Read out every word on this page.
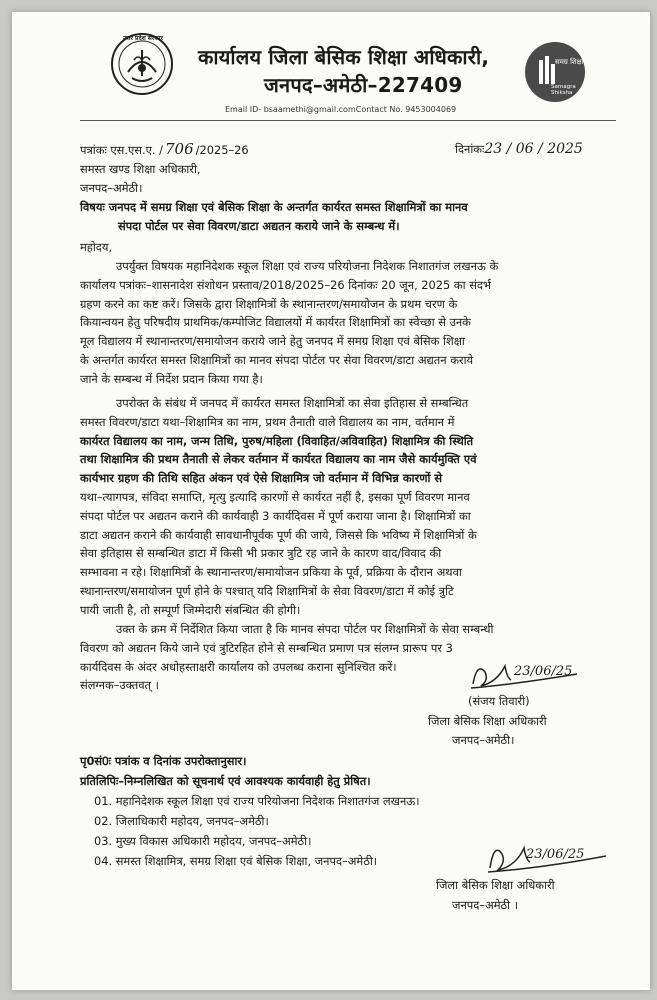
उत्तर प्रदेश सरकार
कार्यालय जिला बेसिक शिक्षा अधिकारी,
जनपद–अमेठी–227409
Email ID- bsaamethi@gmail.comContact No. 9453004069
समग्र शिक्षा
Samagra Shiksha
पत्रांकः एस.एस.ए. / 706 /2025–26	दिनांकः23 / 06 / 2025
समस्त खण्ड शिक्षा अधिकारी,
जनपद–अमेठी।
विषयः जनपद में समग्र शिक्षा एवं बेसिक शिक्षा के अन्तर्गत कार्यरत समस्त शिक्षामित्रों का मानव
संपदा पोर्टल पर सेवा विवरण/डाटा अद्यतन कराये जाने के सम्बन्ध में।
महोदय,
उपर्युक्त विषयक महानिदेशक स्कूल शिक्षा एवं राज्य परियोजना निदेशक निशातगंज लखनऊ के
कार्यालय पत्रांकः–शासनादेश संशोधन प्रस्ताव/2018/2025–26 दिनांकः 20 जून, 2025 का संदर्भ
ग्रहण करने का कष्ट करें। जिसके द्वारा शिक्षामित्रों के स्थानान्तरण/समायोजन के प्रथम चरण के
कियान्वयन हेतु परिषदीय प्राथमिक/कम्पोजिट विद्यालयों में कार्यरत शिक्षामित्रों का स्वेच्छा से उनके
मूल विद्यालय में स्थानान्तरण/समायोजन कराये जाने हेतु जनपद में समग्र शिक्षा एवं बेसिक शिक्षा
के अन्तर्गत कार्यरत समस्त शिक्षामित्रों का मानव संपदा पोर्टल पर सेवा विवरण/डाटा अद्यतन कराये
जाने के सम्बन्ध में निर्देश प्रदान किया गया है।
उपरोक्त के संबंध में जनपद में कार्यरत समस्त शिक्षामित्रों का सेवा इतिहास से सम्बन्धित
समस्त विवरण/डाटा यथा–शिक्षामित्र का नाम, प्रथम तैनाती वाले विद्यालय का नाम, वर्तमान में
कार्यरत विद्यालय का नाम, जन्म तिथि, पुरुष/महिला (विवाहित/अविवाहित) शिक्षामित्र की स्थिति
तथा शिक्षामित्र की प्रथम तैनाती से लेकर वर्तमान में कार्यरत विद्यालय का नाम जैसे कार्यमुक्ति एवं
कार्यभार ग्रहण की तिथि सहित अंकन एवं ऐसे शिक्षामित्र जो वर्तमान में विभिन्न कारणों से
यथा–त्यागपत्र, संविदा समाप्ति, मृत्यु इत्यादि कारणों से कार्यरत नहीं है, इसका पूर्ण विवरण मानव
संपदा पोर्टल पर अद्यतन कराने की कार्यवाही 3 कार्यदिवस में पूर्ण कराया जाना है। शिक्षामित्रों का
डाटा अद्यतन कराने की कार्यवाही सावधानीपूर्वक पूर्ण की जाये, जिससे कि भविष्य में शिक्षामित्रों के
सेवा इतिहास से सम्बन्धित डाटा में किसी भी प्रकार त्रुटि रह जाने के कारण वाद/विवाद की
सम्भावना न रहे। शिक्षामित्रों के स्थानान्तरण/समायोजन प्रकिया के पूर्व, प्रक्रिया के दौरान अथवा
स्थानान्तरण/समायोजन पूर्ण होने के पश्चात् यदि शिक्षामित्रों के सेवा विवरण/डाटा में कोई त्रुटि
पायी जाती है, तो सम्पूर्ण जिम्मेदारी संबन्धित की होगी।
उक्त के क्रम में निर्देशित किया जाता है कि मानव संपदा पोर्टल पर शिक्षामित्रों के सेवा सम्बन्धी
विवरण को अद्यतन किये जाने एवं त्रुटिरहित होने से सम्बन्धित प्रमाण पत्र संलग्न प्रारूप पर 3
कार्यदिवस के अंदर अधोहस्ताक्षरी कार्यालय को उपलब्ध कराना सुनिश्चित करें।
संलग्नक–उक्तवत् ।
23/06/25
(संजय तिवारी)
जिला बेसिक शिक्षा अधिकारी
जनपद–अमेठी।
पृ0सं0ः पत्रांक व दिनांक उपरोक्तानुसार।
प्रतिलिपिः–निम्नलिखित को सूचनार्थ एवं आवश्यक कार्यवाही हेतु प्रेषित।
01. महानिदेशक स्कूल शिक्षा एवं राज्य परियोजना निदेशक निशातगंज लखनऊ।
02. जिलाधिकारी महोदय, जनपद–अमेठी।
03. मुख्य विकास अधिकारी महोदय, जनपद–अमेठी।
04. समस्त शिक्षामित्र, समग्र शिक्षा एवं बेसिक शिक्षा, जनपद–अमेठी।	23/06/25
जिला बेसिक शिक्षा अधिकारी
जनपद–अमेठी ।
